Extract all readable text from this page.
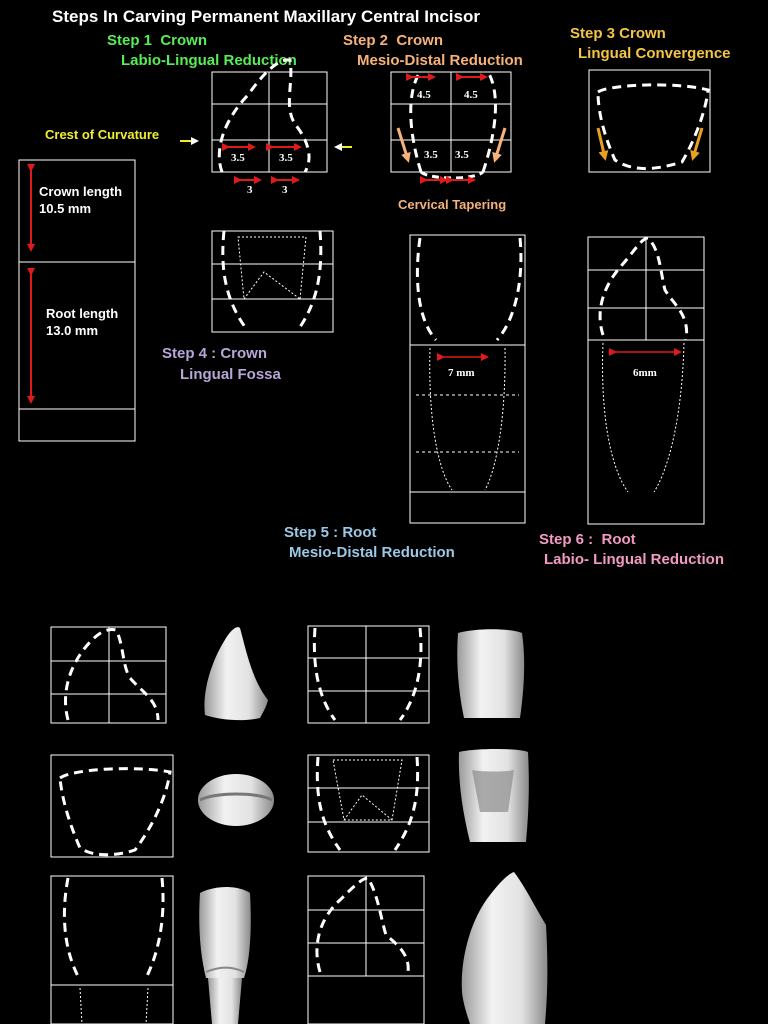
Steps In Carving Permanent Maxillary Central Incisor
Step 1  Crown
Labio-Lingual Reduction
Step 2  Crown
Mesio-Distal Reduction
Step 3 Crown
Lingual Convergence
Crest of Curvature
Cervical Tapering
Crown length
10.5 mm
Root length
13.0 mm
Step 4 : Crown
Lingual Fossa
Step 5 : Root
Mesio-Distal Reduction
Step 6 :  Root
Labio- Lingual Reduction
3.5	3.5
3	3
4.5	4.5
3.5 3.5
7 mm	6mm
